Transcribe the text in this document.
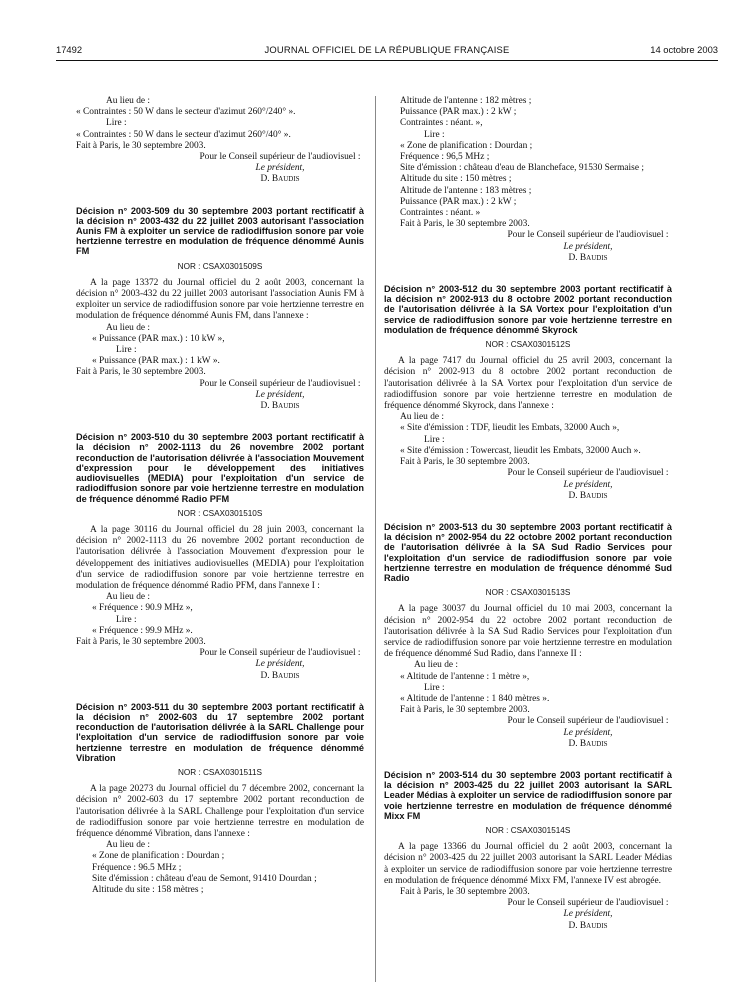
17492	JOURNAL OFFICIEL DE LA RÉPUBLIQUE FRANÇAISE	14 octobre 2003

Au lieu de :

« Contraintes : 50 W dans le secteur d'azimut 260°/240° ».

Lire :

« Contraintes : 50 W dans le secteur d'azimut 260°/40° ».

Fait à Paris, le 30 septembre 2003.

Pour le Conseil supérieur de l'audiovisuel :

Le président,

D. Baudis

Décision n° 2003-509 du 30 septembre 2003 portant rectificatif à la décision n° 2003-432 du 22 juillet 2003 autorisant l'association Aunis FM à exploiter un service de radiodiffusion sonore par voie hertzienne terrestre en modulation de fréquence dénommé Aunis FM
NOR : CSAX0301509S

A la page 13372 du Journal officiel du 2 août 2003, concernant la décision n° 2003-432 du 22 juillet 2003 autorisant l'association Aunis FM à exploiter un service de radiodiffusion sonore par voie hertzienne terrestre en modulation de fréquence dénommé Aunis FM, dans l'annexe :

Au lieu de :

« Puissance (PAR max.) : 10 kW »,

Lire :

« Puissance (PAR max.) : 1 kW ».

Fait à Paris, le 30 septembre 2003.

Pour le Conseil supérieur de l'audiovisuel :

Le président,

D. Baudis

Décision n° 2003-510 du 30 septembre 2003 portant rectificatif à la décision n° 2002-1113 du 26 novembre 2002 portant reconduction de l'autorisation délivrée à l'association Mouvement d'expression pour le développement des initiatives audiovisuelles (MEDIA) pour l'exploitation d'un service de radiodiffusion sonore par voie hertzienne terrestre en modulation de fréquence dénommé Radio PFM
NOR : CSAX0301510S

A la page 30116 du Journal officiel du 28 juin 2003, concernant la décision n° 2002-1113 du 26 novembre 2002 portant reconduction de l'autorisation délivrée à l'association Mouvement d'expression pour le développement des initiatives audiovisuelles (MEDIA) pour l'exploitation d'un service de radiodiffusion sonore par voie hertzienne terrestre en modulation de fréquence dénommé Radio PFM, dans l'annexe I :

Au lieu de :

« Fréquence : 90.9 MHz »,

Lire :

« Fréquence : 99.9 MHz ».

Fait à Paris, le 30 septembre 2003.

Pour le Conseil supérieur de l'audiovisuel :

Le président,

D. Baudis

Décision n° 2003-511 du 30 septembre 2003 portant rectificatif à la décision n° 2002-603 du 17 septembre 2002 portant reconduction de l'autorisation délivrée à la SARL Challenge pour l'exploitation d'un service de radiodiffusion sonore par voie hertzienne terrestre en modulation de fréquence dénommé Vibration
NOR : CSAX0301511S

A la page 20273 du Journal officiel du 7 décembre 2002, concernant la décision n° 2002-603 du 17 septembre 2002 portant reconduction de l'autorisation délivrée à la SARL Challenge pour l'exploitation d'un service de radiodiffusion sonore par voie hertzienne terrestre en modulation de fréquence dénommé Vibration, dans l'annexe :

Au lieu de :

« Zone de planification : Dourdan ;

Fréquence : 96.5 MHz ;

Site d'émission : château d'eau de Semont, 91410 Dourdan ;

Altitude du site : 158 mètres ;

Altitude de l'antenne : 182 mètres ;

Puissance (PAR max.) : 2 kW ;

Contraintes : néant. »,

Lire :

« Zone de planification : Dourdan ;

Fréquence : 96,5 MHz ;

Site d'émission : château d'eau de Blancheface, 91530 Sermaise ;

Altitude du site : 150 mètres ;

Altitude de l'antenne : 183 mètres ;

Puissance (PAR max.) : 2 kW ;

Contraintes : néant. »

Fait à Paris, le 30 septembre 2003.

Pour le Conseil supérieur de l'audiovisuel :

Le président,

D. Baudis

Décision n° 2003-512 du 30 septembre 2003 portant rectificatif à la décision n° 2002-913 du 8 octobre 2002 portant reconduction de l'autorisation délivrée à la SA Vortex pour l'exploitation d'un service de radiodiffusion sonore par voie hertzienne terrestre en modulation de fréquence dénommé Skyrock
NOR : CSAX0301512S

A la page 7417 du Journal officiel du 25 avril 2003, concernant la décision n° 2002-913 du 8 octobre 2002 portant reconduction de l'autorisation délivrée à la SA Vortex pour l'exploitation d'un service de radiodiffusion sonore par voie hertzienne terrestre en modulation de fréquence dénommé Skyrock, dans l'annexe :

Au lieu de :

« Site d'émission : TDF, lieudit les Embats, 32000 Auch »,

Lire :

« Site d'émission : Towercast, lieudit les Embats, 32000 Auch ».

Fait à Paris, le 30 septembre 2003.

Pour le Conseil supérieur de l'audiovisuel :

Le président,

D. Baudis

Décision n° 2003-513 du 30 septembre 2003 portant rectificatif à la décision n° 2002-954 du 22 octobre 2002 portant reconduction de l'autorisation délivrée à la SA Sud Radio Services pour l'exploitation d'un service de radiodiffusion sonore par voie hertzienne terrestre en modulation de fréquence dénommé Sud Radio
NOR : CSAX0301513S

A la page 30037 du Journal officiel du 10 mai 2003, concernant la décision n° 2002-954 du 22 octobre 2002 portant reconduction de l'autorisation délivrée à la SA Sud Radio Services pour l'exploitation d'un service de radiodiffusion sonore par voie hertzienne terrestre en modulation de fréquence dénommé Sud Radio, dans l'annexe II :

Au lieu de :

« Altitude de l'antenne : 1 mètre »,

Lire :

« Altitude de l'antenne : 1 840 mètres ».

Fait à Paris, le 30 septembre 2003.

Pour le Conseil supérieur de l'audiovisuel :

Le président,

D. Baudis

Décision n° 2003-514 du 30 septembre 2003 portant rectificatif à la décision n° 2003-425 du 22 juillet 2003 autorisant la SARL Leader Médias à exploiter un service de radiodiffusion sonore par voie hertzienne terrestre en modulation de fréquence dénommé Mixx FM
NOR : CSAX0301514S

A la page 13366 du Journal officiel du 2 août 2003, concernant la décision n° 2003-425 du 22 juillet 2003 autorisant la SARL Leader Médias à exploiter un service de radiodiffusion sonore par voie hertzienne terrestre en modulation de fréquence dénommé Mixx FM, l'annexe IV est abrogée.

Fait à Paris, le 30 septembre 2003.

Pour le Conseil supérieur de l'audiovisuel :

Le président,

D. Baudis
